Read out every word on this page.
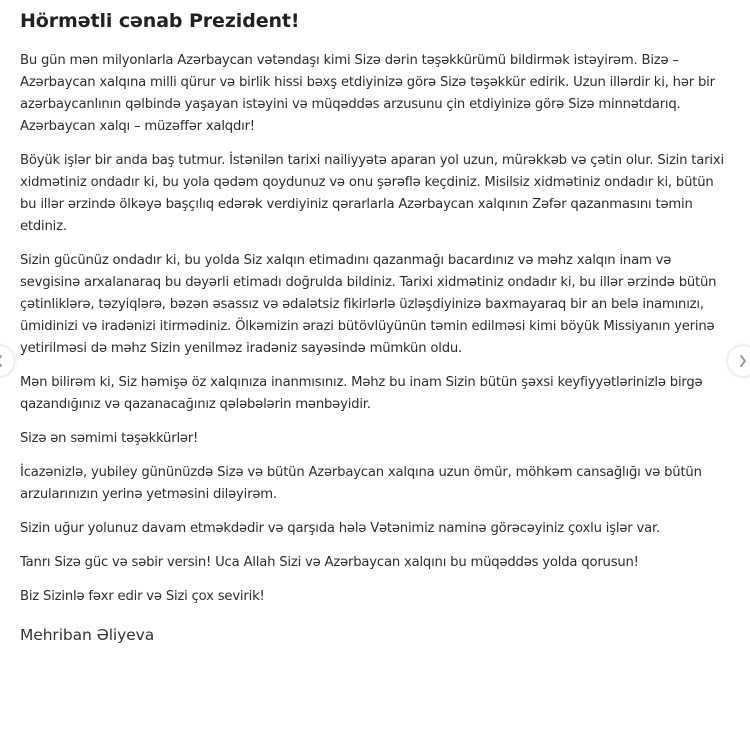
Hörmətli cənab Prezident!

Bu gün mən milyonlarla Azərbaycan vətəndaşı kimi Sizə dərin təşəkkürümü bildirmək istəyirəm. Bizə – Azərbaycan xalqına milli qürur və birlik hissi bəxş etdiyinizə görə Sizə təşəkkür edirik. Uzun illərdir ki, hər bir azərbaycanlının qəlbində yaşayan istəyini və müqəddəs arzusunu çin etdiyinizə görə Sizə minnətdarıq. Azərbaycan xalqı – müzəffər xalqdır!

Böyük işlər bir anda baş tutmur. İstənilən tarixi nailiyyətə aparan yol uzun, mürəkkəb və çətin olur. Sizin tarixi xidmətiniz ondadır ki, bu yola qədəm qoydunuz və onu şərəflə keçdiniz. Misilsiz xidmətiniz ondadır ki, bütün bu illər ərzində ölkəyə başçılıq edərək verdiyiniz qərarlarla Azərbaycan xalqının Zəfər qazanmasını təmin etdiniz.

Sizin gücünüz ondadır ki, bu yolda Siz xalqın etimadını qazanmağı bacardınız və məhz xalqın inam və sevgisinə arxalanaraq bu dəyərli etimadı doğrulda bildiniz. Tarixi xidmətiniz ondadır ki, bu illər ərzində bütün çətinliklərə, təzyiqlərə, bəzən əsassız və ədalətsiz fikirlərlə üzləşdiyinizə baxmayaraq bir an belə inamınızı, ümidinizi və iradənizi itirmədiniz. Ölkəmizin ərazi bütövlüyünün təmin edilməsi kimi böyük Missiyanın yerinə yetirilməsi də məhz Sizin yenilməz iradəniz sayəsində mümkün oldu.

Mən bilirəm ki, Siz həmişə öz xalqınıza inanmısınız. Məhz bu inam Sizin bütün şəxsi keyfiyyətlərinizlə birgə qazandığınız və qazanacağınız qələbələrin mənbəyidir.

Sizə ən səmimi təşəkkürlər!

İcazənizlə, yubiley gününüzdə Sizə və bütün Azərbaycan xalqına uzun ömür, möhkəm cansağlığı və bütün arzularınızın yerinə yetməsini diləyirəm.

Sizin uğur yolunuz davam etməkdədir və qarşıda hələ Vətənimiz naminə görəcəyiniz çoxlu işlər var.

Tanrı Sizə güc və səbir versin! Uca Allah Sizi və Azərbaycan xalqını bu müqəddəs yolda qorusun!

Biz Sizinlə fəxr edir və Sizi çox sevirik!

Mehriban Əliyeva
